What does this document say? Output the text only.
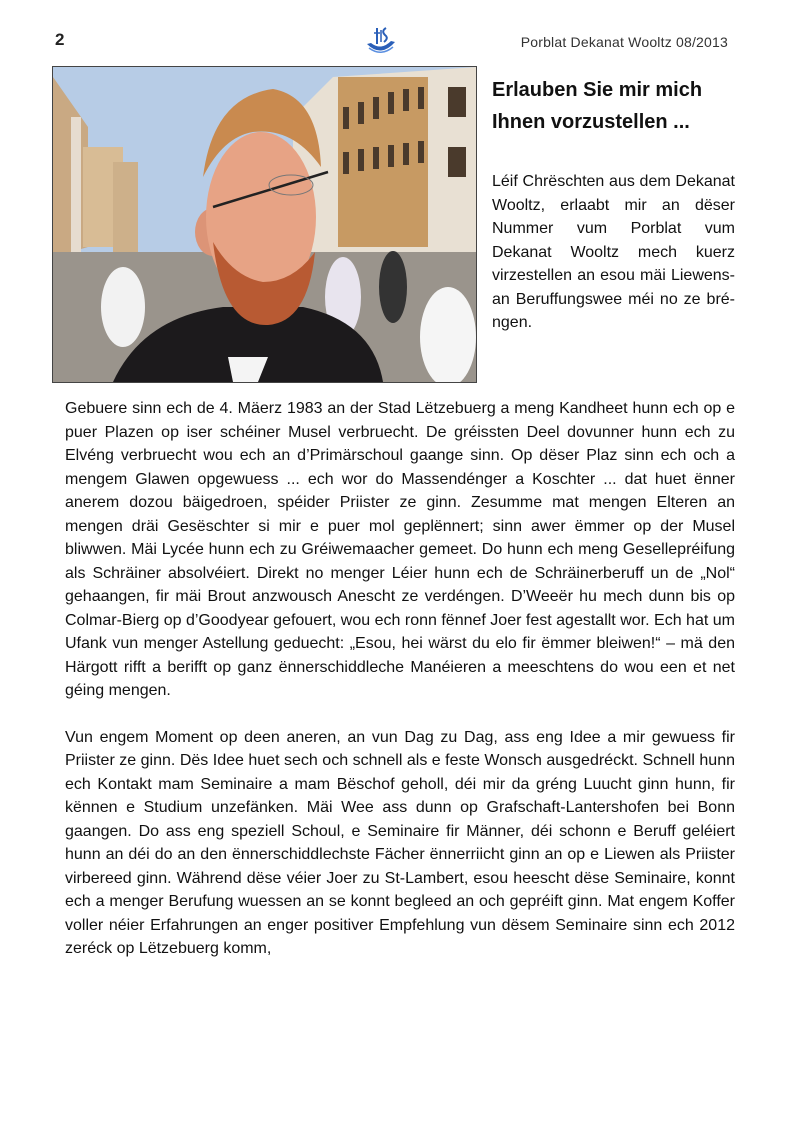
2	Porblat Dekanat Wooltz 08/2013
Erlauben Sie mir mich
Ihnen vorzustellen ...
Léif Chrëschten aus dem Dekanat Wooltz, erlaabt mir an dëser Nummer vum Porblat vum Dekanat Wooltz mech kuerz virzestellen an esou mäi Liewens- an Beruffungswee méi no ze bréngen.

Gebuere sinn ech de 4. Mäerz 1983 an der Stad Lëtzebuerg a meng Kandheet hunn ech op e puer Plazen op iser schéiner Musel verbruecht. De gréissten Deel dovunner hunn ech zu Elvéng verbruecht wou ech an d’Primärschoul gaange sinn. Op dëser Plaz sinn ech och a mengem Glawen opgewuess ... ech wor do Massendénger a Koschter ... dat huet ënner anerem dozou bäigedroen, spéider Priister ze ginn. Zesumme mat mengen Elteren an mengen dräi Gesëschter si mir e puer mol geplënnert; sinn awer ëmmer op der Musel bliwwen. Mäi Lycée hunn ech zu Gréiwemaacher gemeet. Do hunn ech meng Gesellepréifung als Schräiner absolvéiert. Direkt no menger Léier hunn ech de Schräinerberuff un de „Nol“ gehaangen, fir mäi Brout anzwousch Anescht ze verdéngen. D’Weeër hu mech dunn bis op Colmar-Bierg op d’Goodyear gefouert, wou ech ronn fënnef Joer fest agestallt wor. Ech hat um Ufank vun menger Astellung geduecht: „Esou, hei wärst du elo fir ëmmer bleiwen!“ – mä den Härgott rifft a berifft op ganz ënnerschiddleche Manéieren a meeschtens do wou een et net géing mengen.

Vun engem Moment op deen aneren, an vun Dag zu Dag, ass eng Idee a mir gewuess fir Priister ze ginn. Dës Idee huet sech och schnell als e feste Wonsch ausgedréckt. Schnell hunn ech Kontakt mam Seminaire a mam Bëschof geholl, déi mir da gréng Luucht ginn hunn, fir kënnen e Studium unzefänken. Mäi Wee ass dunn op Grafschaft-Lantershofen bei Bonn gaangen. Do ass eng speziell Schoul, e Seminaire fir Männer, déi schonn e Beruff geléiert hunn an déi do an den ënnerschiddlechste Fächer ënnerriicht ginn an op e Liewen als Priister virbereed ginn. Während dëse véier Joer zu St-Lambert, esou heescht dëse Seminaire, konnt ech a menger Berufung wuessen an se konnt begleed an och gepréift ginn. Mat engem Koffer voller néier Erfahrungen an enger positiver Empfehlung vun dësem Seminaire sinn ech 2012 zeréck op Lëtzebuerg komm,
